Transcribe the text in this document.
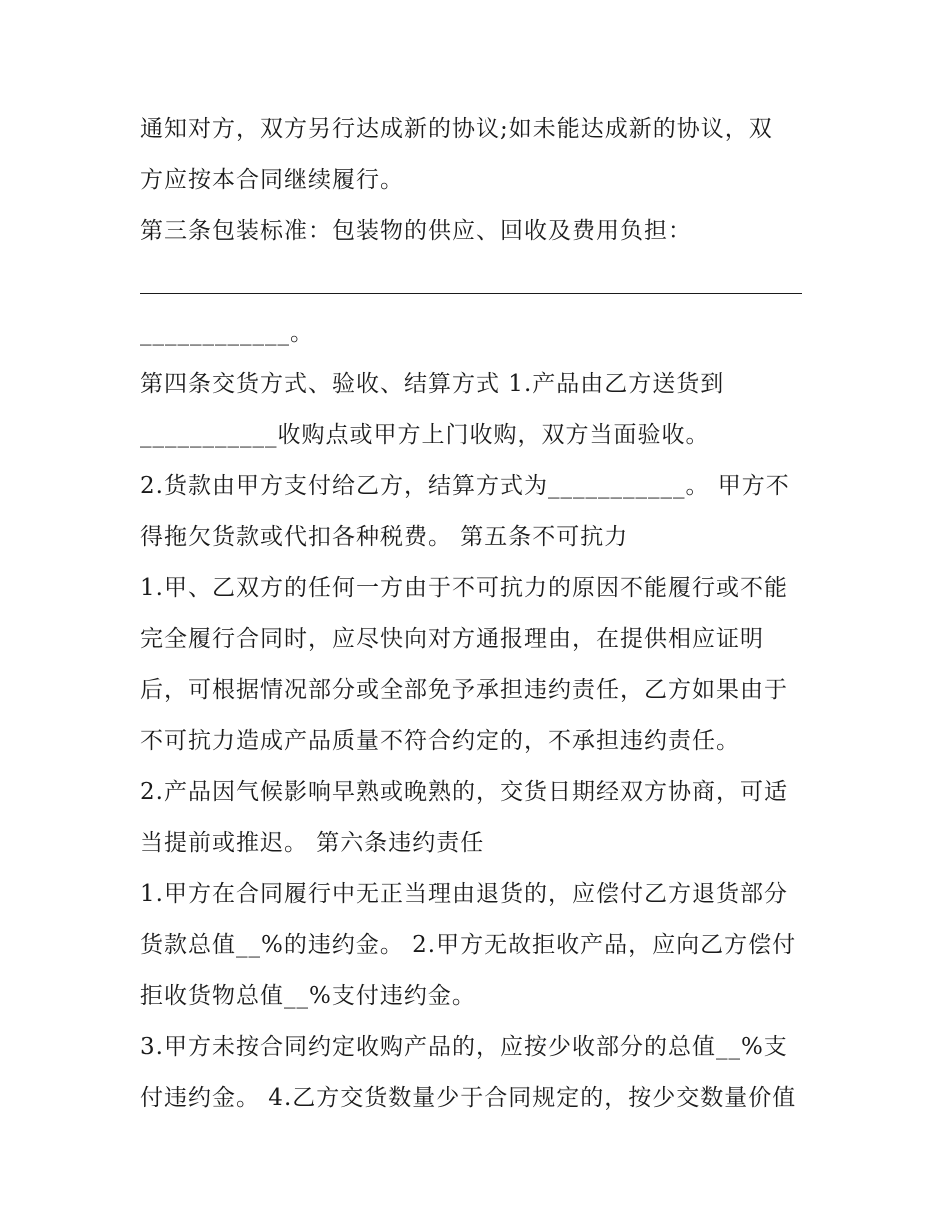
通知对方，双方另行达成新的协议;如未能达成新的协议，双
方应按本合同继续履行。
第三条包装标准：包装物的供应、回收及费用负担：
____________。
第四条交货方式、验收、结算方式 1.产品由乙方送货到
___________收购点或甲方上门收购，双方当面验收。
2.货款由甲方支付给乙方，结算方式为___________。 甲方不
得拖欠货款或代扣各种税费。 第五条不可抗力
1.甲、乙双方的任何一方由于不可抗力的原因不能履行或不能
完全履行合同时，应尽快向对方通报理由，在提供相应证明
后，可根据情况部分或全部免予承担违约责任，乙方如果由于
不可抗力造成产品质量不符合约定的，不承担违约责任。
2.产品因气候影响早熟或晚熟的，交货日期经双方协商，可适
当提前或推迟。 第六条违约责任
1.甲方在合同履行中无正当理由退货的，应偿付乙方退货部分
货款总值__%的违约金。 2.甲方无故拒收产品，应向乙方偿付
拒收货物总值__%支付违约金。
3.甲方未按合同约定收购产品的，应按少收部分的总值__%支
付违约金。 4.乙方交货数量少于合同规定的，按少交数量价值
